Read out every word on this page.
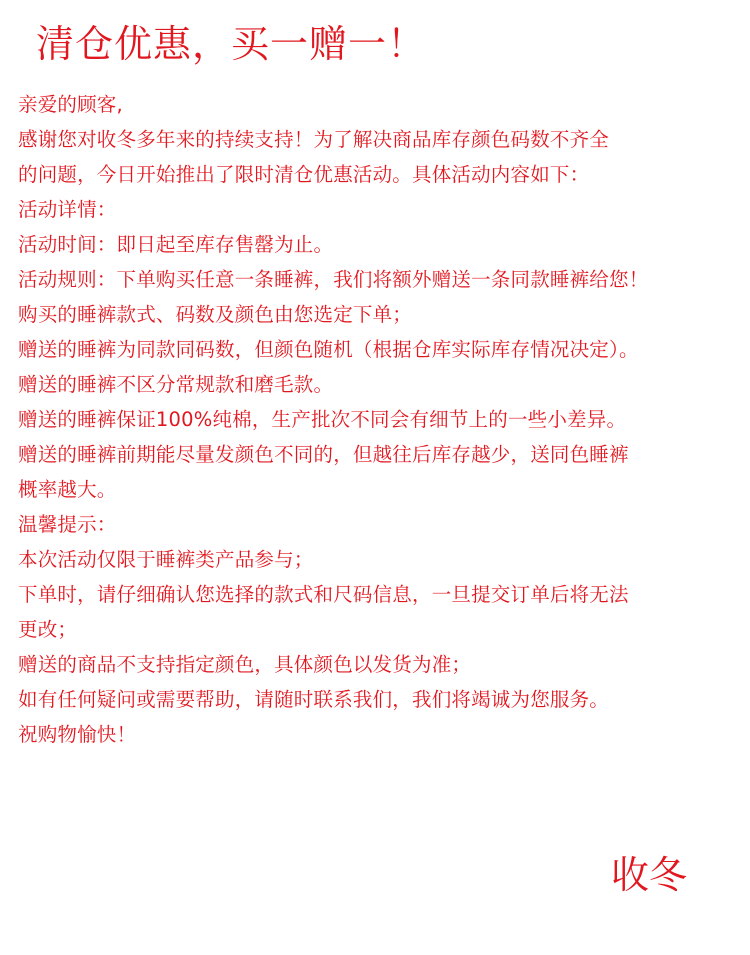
清仓优惠，买一赠一！
亲爱的顾客,
感谢您对收冬多年来的持续支持！为了解决商品库存颜色码数不齐全
的问题，今日开始推出了限时清仓优惠活动。具体活动内容如下：
活动详情：
活动时间：即日起至库存售罄为止。
活动规则：下单购买任意一条睡裤，我们将额外赠送一条同款睡裤给您！
购买的睡裤款式、码数及颜色由您选定下单；
赠送的睡裤为同款同码数，但颜色随机（根据仓库实际库存情况决定）。
赠送的睡裤不区分常规款和磨毛款。
赠送的睡裤保证100%纯棉，生产批次不同会有细节上的一些小差异。
赠送的睡裤前期能尽量发颜色不同的，但越往后库存越少，送同色睡裤
概率越大。
温馨提示：
本次活动仅限于睡裤类产品参与；
下单时，请仔细确认您选择的款式和尺码信息，一旦提交订单后将无法
更改；
赠送的商品不支持指定颜色，具体颜色以发货为准；
如有任何疑问或需要帮助，请随时联系我们，我们将竭诚为您服务。
祝购物愉快！
收冬
